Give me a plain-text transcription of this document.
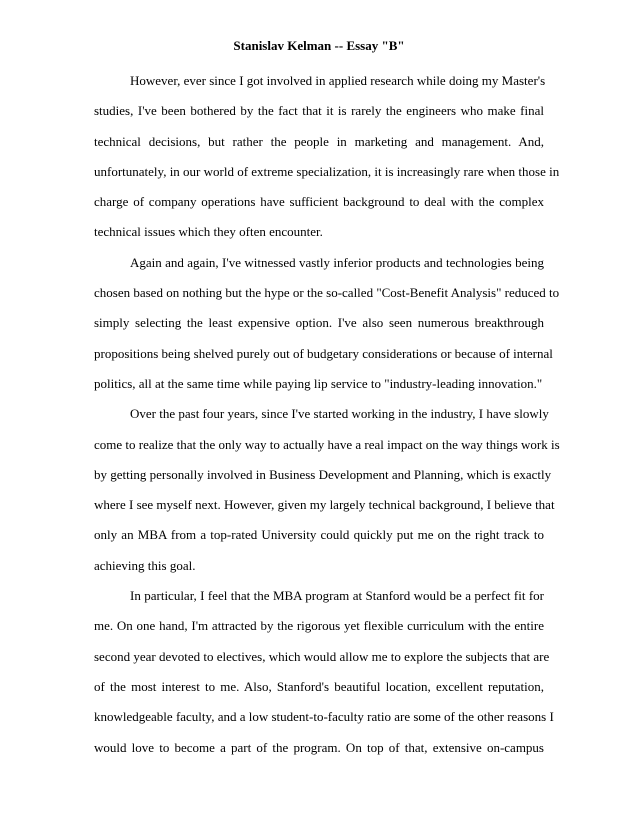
Stanislav Kelman -- Essay "B"

However, ever since I got involved in applied research while doing my Master's
studies, I've been bothered by the fact that it is rarely the engineers who make final
technical decisions, but rather the people in marketing and management. And,
unfortunately, in our world of extreme specialization, it is increasingly rare when those in
charge of company operations have sufficient background to deal with the complex
technical issues which they often encounter.

Again and again, I've witnessed vastly inferior products and technologies being
chosen based on nothing but the hype or the so-called "Cost-Benefit Analysis" reduced to
simply selecting the least expensive option. I've also seen numerous breakthrough
propositions being shelved purely out of budgetary considerations or because of internal
politics, all at the same time while paying lip service to "industry-leading innovation."

Over the past four years, since I've started working in the industry, I have slowly
come to realize that the only way to actually have a real impact on the way things work is
by getting personally involved in Business Development and Planning, which is exactly
where I see myself next. However, given my largely technical background, I believe that
only an MBA from a top-rated University could quickly put me on the right track to
achieving this goal.

In particular, I feel that the MBA program at Stanford would be a perfect fit for
me. On one hand, I'm attracted by the rigorous yet flexible curriculum with the entire
second year devoted to electives, which would allow me to explore the subjects that are
of the most interest to me. Also, Stanford's beautiful location, excellent reputation,
knowledgeable faculty, and a low student-to-faculty ratio are some of the other reasons I
would love to become a part of the program. On top of that, extensive on-campus
